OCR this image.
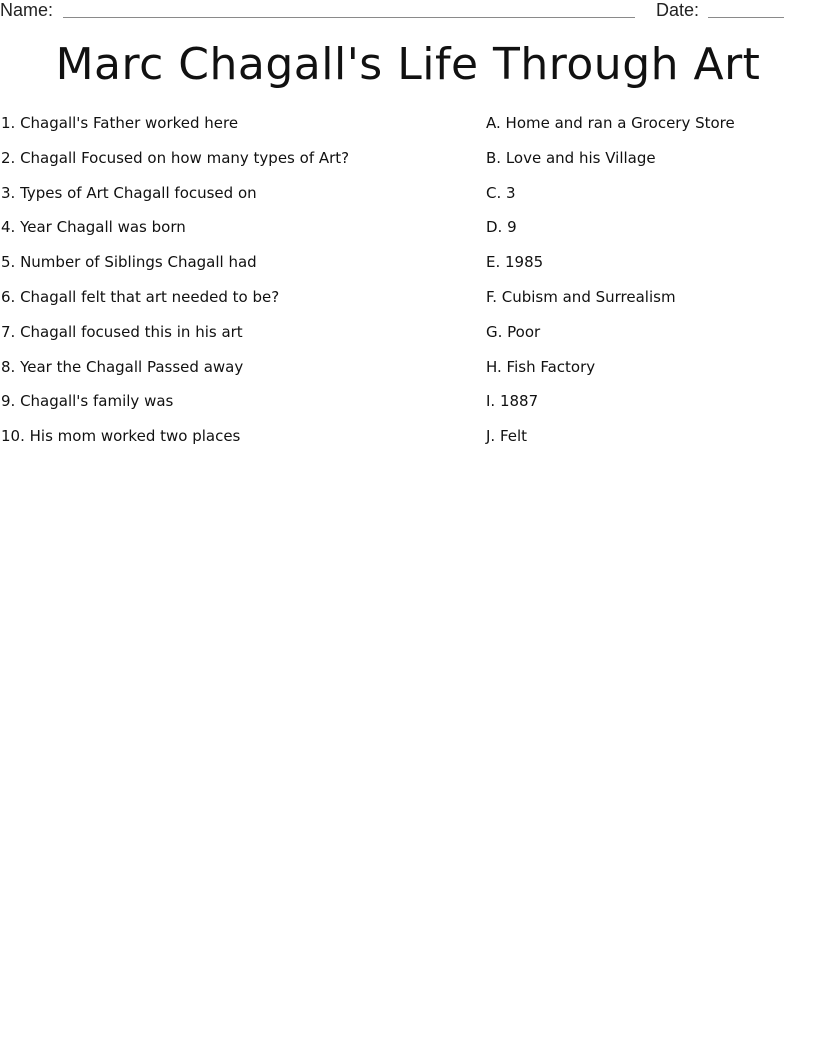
Name:	Date:
Marc Chagall's Life Through Art
1. Chagall's Father worked here	A. Home and ran a Grocery Store
2. Chagall Focused on how many types of Art?	B. Love and his Village
3. Types of Art Chagall focused on	C. 3
4. Year Chagall was born	D. 9
5. Number of Siblings Chagall had	E. 1985
6. Chagall felt that art needed to be?	F. Cubism and Surrealism
7. Chagall focused this in his art	G. Poor
8. Year the Chagall Passed away	H. Fish Factory
9. Chagall's family was	I. 1887
10. His mom worked two places	J. Felt
